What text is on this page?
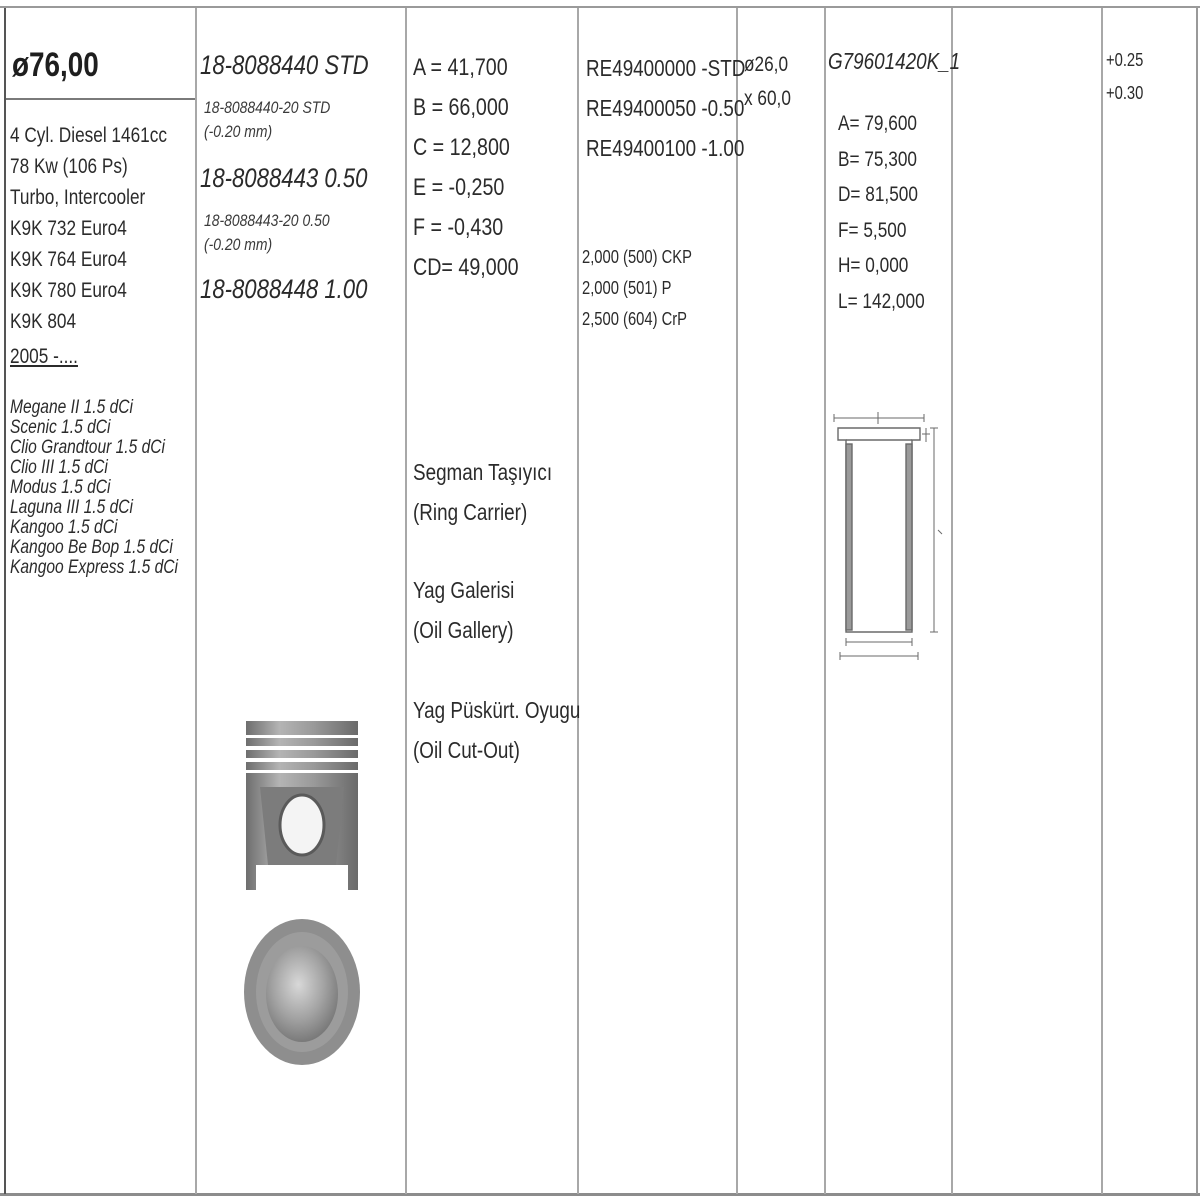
ø76,00
4 Cyl. Diesel 1461cc
78 Kw (106 Ps)
Turbo, Intercooler
K9K 732 Euro4
K9K 764 Euro4
K9K 780 Euro4
K9K 804
2005 -....
Megane II 1.5 dCi
Scenic 1.5 dCi
Clio Grandtour 1.5 dCi
Clio III 1.5 dCi
Modus 1.5 dCi
Laguna III 1.5 dCi
Kangoo 1.5 dCi
Kangoo Be Bop 1.5 dCi
Kangoo Express 1.5 dCi
18-8088440 STD
18-8088440-20 STD
(-0.20 mm)
18-8088443 0.50
18-8088443-20 0.50
(-0.20 mm)
18-8088448 1.00
A = 41,700
B = 66,000
C = 12,800
E = -0,250
F = -0,430
CD= 49,000
Segman Taşıyıcı
(Ring Carrier)
Yag Galerisi
(Oil Gallery)
Yag Püskürt. Oyugu
(Oil Cut-Out)
RE49400000 -STD
RE49400050 -0.50
RE49400100 -1.00
2,000 (500) CKP
2,000 (501) P
2,500 (604) CrP
ø26,0
x 60,0
G79601420K_1
A= 79,600
B= 75,300
D= 81,500
F= 5,500
H= 0,000
L= 142,000
+0.25
+0.30
